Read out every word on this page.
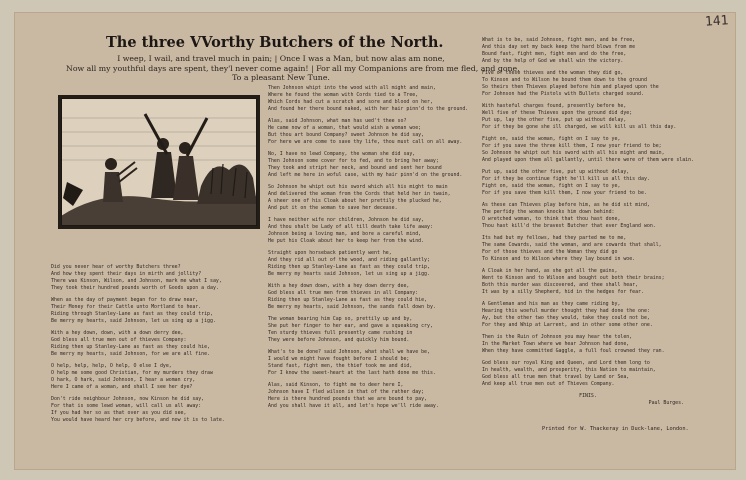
141
The three VVorthy Butchers of the North.
I weep, I wail, and travel much in pain; | Once I was a Man, but now alas am none,
Now all my youthful days are spent, they'l never come again! | For all my Companions are from me fled, and gone,
To a pleasant New Tune.
Did you never hear of worthy Butchers three?
And how they spent their days in mirth and jollity?
There was Kinson, Wilson, and Johnson, mark me what I say,
They took their hundred pounds worth of Goods upon a day.
When as the day of payment began for to draw near,
Their Money for their Cattle unto Mortland to hear.
Riding through Stanley-Lane as fast as they could trip,
Be merry my hearts, said Johnson, let us sing up a jigg.
With a hey down, down, with a down derry dee,
God bless all true men out of thieves Company:
Riding then up Stanley-Lane as fast as they could hie,
Be merry my hearts, said Johnson, for we are all fine.
O help, help, help, O help, O else I dye,
O help me some good Christian, for my murders they draw
O hark, O hark, said Johnson, I hear a woman cry,
Here I came of a woman, and shall I see her dye?
Don't ride neighbour Johnson, now Kinson he did say,
For that is some lewd woman, will call us all away:
If you had her so as that over as you did see,
You would have heard her cry before, and now it is to late.
Then Johnson whipt into the wood with all might and main,
Where he found the woman with Cords tied to a Tree,
Which Cords had cut a scratch and sore and blood on her,
And found her there bound naked, with her hair pinn'd to the ground.
Alas, said Johnson, what man has ued't thee so?
He came now of a woman, that would wish a woman woe;
But thou art bound Company? sweet Johnson he did say,
For here we are come to save thy life, thou must call on all away.
No, I have no lewd Company, the woman she did say,
Then Johnson some cover for to fed, and to bring her away;
They took and stript her neck, and bound and sent her bound
And left me here in woful case, with my hair pinn'd on the ground.
So Johnson he whipt out his sword which all his might to main
And delivered the woman from the Cords that held her in twain,
A sheer one of his Cloak about her prettily the plucked he,
And put it on the woman to save her decease.
I have neither wife nor children, Johnson he did say,
And thou shalt be Lady of all till death take life away:
Johnson being a loving man, and bore a careful mind,
He put his Cloak about her to keep her from the wind.
Straight upon horseback patiently went he,
And they rid all out of the wood, and riding gallantly;
Riding then up Stanley-Lane as fast as they could trip,
Be merry my hearts said Johnson, let us sing up a jigg.
With a hey down down, with a hey down derry dee,
God bless all true men from thieves in all Company:
Riding then up Stanley-Lane as fast as they could hie,
Be merry my hearts, said Johnson, the sands fall down by.
The woman bearing him Cap so, prettily up and by,
She put her finger to her ear, and gave a squeaking cry,
Ten sturdy thieves full presently came rushing in
They were before Johnson, and quickly him bound.
What's to be done? said Johnson, what shall we have be,
I would we might have fought before I should be;
Stand fast, fight men, the thief took me and did,
For I know the sweet-heart at the last hath done me this.
Alas, said Kinson, to fight me to deer here I,
Johnson have I fled wilson in that of the rather day;
Here is there hundred pounds that we are bound to pay,
And you shall have it all, and let's hope we'll ride away.
What is to be, said Johnson, fight men, and be free,
And this day set my back keep the hard blows from me
Bound fast, fight men, fight men and do the free,
And by the help of God we shall win the victory.
Five of these thieves and the woman they did go,
To Kinson and to Wilson he bound them down to the ground
So theirs then Thieves played before him and played upon the
For Johnson had the Pistols with Bullets charged sound.
With hasteful charges found, presently before he,
Well five of these Thieves upon the ground did dye;
Put up, lay the other five, put up without delay,
For if they be gone she ill charged, we will kill us all this day.
Fight on, said the woman, fight on I say to ye,
For if you save the three kill them, I now your friend to be;
So Johnson he whipt out his sword with all his might and main,
And played upon them all gallantly, until there were of them were slain.
Put up, said the other five, put up without delay,
For if they be continue fight he'll kill us all this day.
Fight on, said the woman, fight on I say to ye,
For if you save them kill them, I now your friend to be.
As these can Thieves play before him, as he did sit mind,
The perfidy the woman knocks him down behind:
O wretched woman, to think that thou hast done,
Thou hast kill'd the bravest Butcher that ever England won.
Its had but my fellows, had they parted me to me,
The same Cowards, said the woman, and are cowards that shall,
For of those thieves and the Woman they did go
To Kinson and to Wilson where they lay bound in woe.
A Cloak in her hand, as she got all the gains,
Went to Kinson and to Wilson and bought out both their brains;
Both this murder was discovered, and thee shall hear,
It was by a silly Shepherd, hid in the hedges for fear.
A Gentleman and his man as they came riding by,
Hearing this woeful murder thought they had done the one:
Ay, but the other two they would, take they could not be,
For they and Whip at Larrent, and in other some other one.
Then is the Ruin of Johnson you may hear the tolen,
In the Market Town where we hear Johnson had done,
When they have committed Gaggle, a full foul crowned they ran.
God bless our royal King and Queen, and Lord them long to
In health, wealth, and prosperity, this Nation to maintain,
God bless all true men that travel by Land or Sea,
And keep all true men out of Thieves Company.
FINIS.
Paul Burges.
Printed for W. Thackeray in Duck-lane, London.
